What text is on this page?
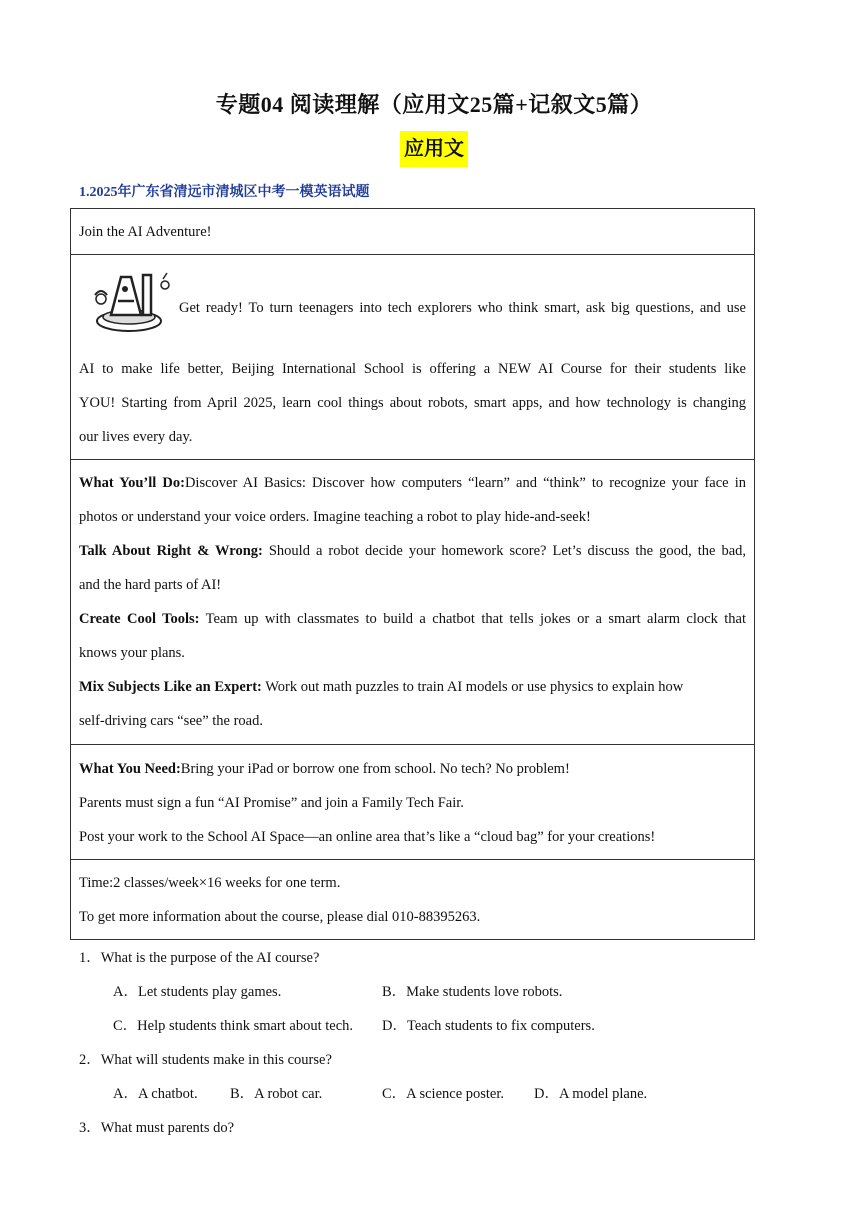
专题04 阅读理解（应用文25篇+记叙文5篇）
应用文
1.2025年广东省清远市清城区中考一模英语试题
Join the AI Adventure!
Get ready! To turn teenagers into tech explorers who think smart, ask big questions, and use
AI to make life better, Beijing International School is offering a NEW AI Course for their students like
YOU! Starting from April 2025, learn cool things about robots, smart apps, and how technology is changing
our lives every day.
What You’ll Do:Discover AI Basics: Discover how computers “learn” and “think” to recognize your face in
photos or understand your voice orders. Imagine teaching a robot to play hide-and-seek!
Talk About Right & Wrong: Should a robot decide your homework score? Let’s discuss the good, the bad,
and the hard parts of AI!
Create Cool Tools: Team up with classmates to build a chatbot that tells jokes or a smart alarm clock that
knows your plans.
Mix Subjects Like an Expert: Work out math puzzles to train AI models or use physics to explain how
self-driving cars “see” the road.
What You Need:Bring your iPad or borrow one from school. No tech? No problem!
Parents must sign a fun “AI Promise” and join a Family Tech Fair.
Post your work to the School AI Space—an online area that’s like a “cloud bag” for your creations!
Time:2 classes/week×16 weeks for one term.
To get more information about the course, please dial 010-88395263.
1．What is the purpose of the AI course?
A．Let students play games.	B．Make students love robots.
C．Help students think smart about tech. D．Teach students to fix computers.
2．What will students make in this course?
A．A chatbot. B．A robot car.	C．A science poster. D．A model plane.
3．What must parents do?
